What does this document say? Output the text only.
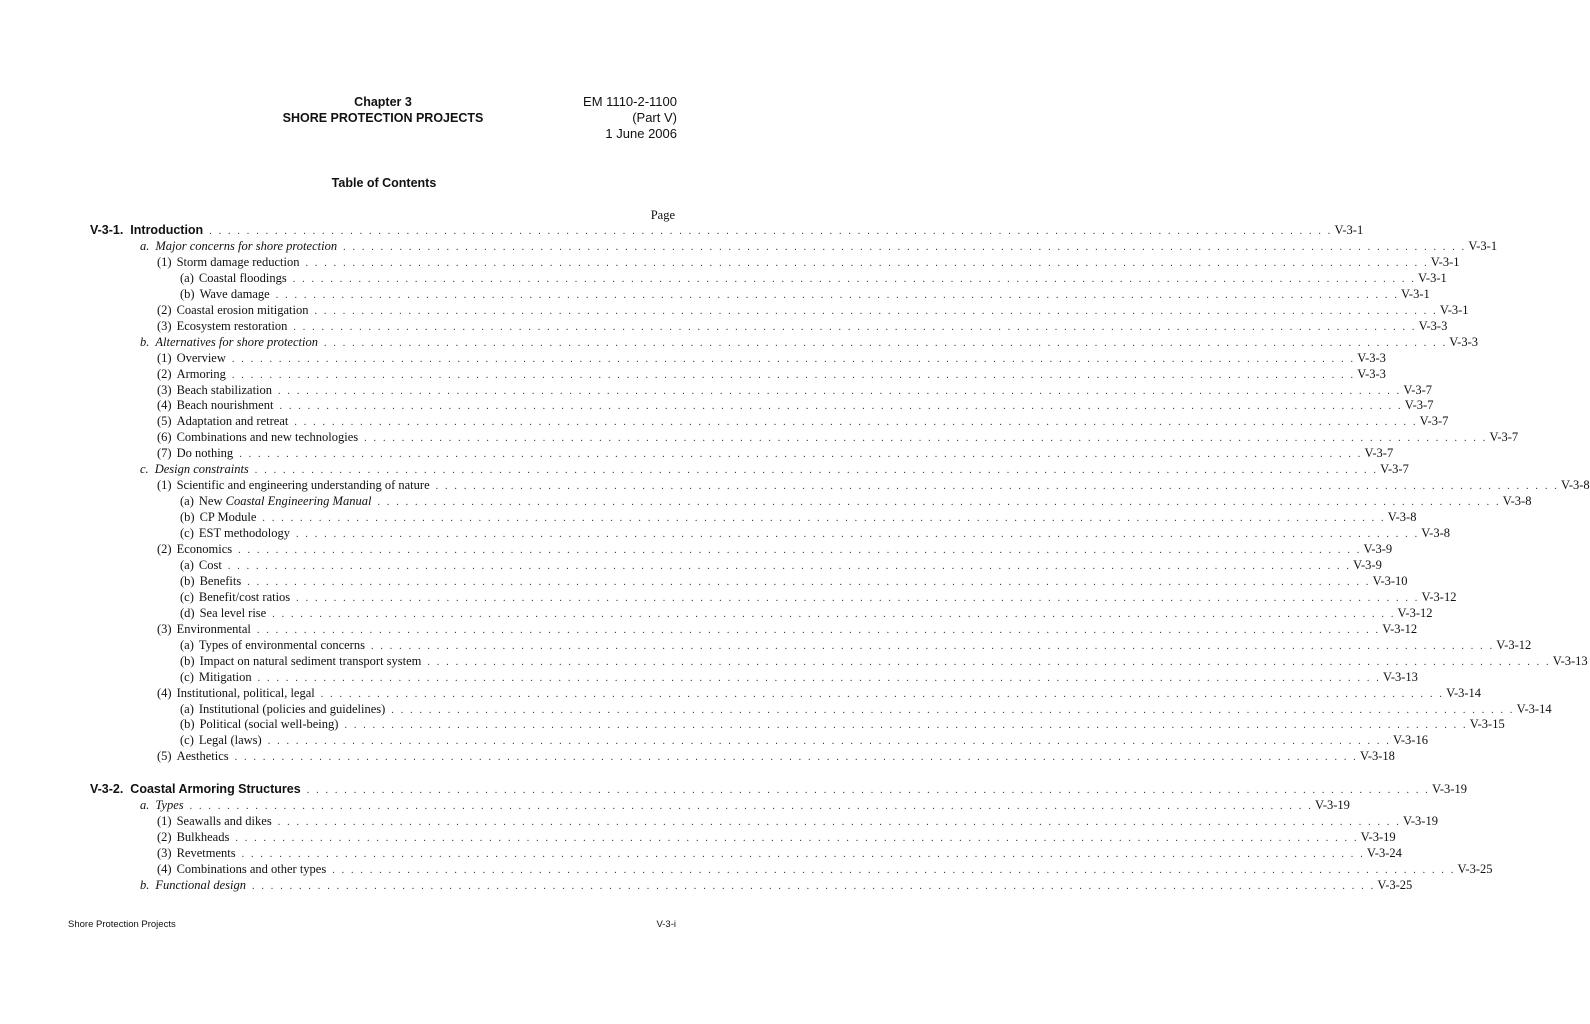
Chapter 3
SHORE PROTECTION PROJECTS
EM 1110-2-1100
(Part V)
1 June 2006
Table of Contents
Page
V-3-1.  Introduction . . . . . . . . . . . . . . . . . . . . . . . . . . . . . . . . . . . . . . . . . . . . . . . . . . . . . . . . . . . . . . . . . . . . . . . . . . . . . . . . . . . . . . . . . . . . . . . . . . . . . . . . . . . . . . . . . . . . . . . . V-3-1
a. Major concerns for shore protection . . . . . . . . . . . . . . . . . . . . . . . . . . . . . . . . . . . . . . . . . . . . . . . . . . . . . . . . . . . . . . . . . . . . . . . . . . . . . . . . . . . . . . . . . . . . . . . . . . . . . . . . . . . . . . . . . . . . . . . . V-3-1
(1) Storm damage reduction . . . . . . . . . . . . . . . . . . . . . . . . . . . . . . . . . . . . . . . . . . . . . . . . . . . . . . . . . . . . . . . . . . . . . . . . . . . . . . . . . . . . . . . . . . . . . . . . . . . . . . . . . . . . . . . . . . . . . . . . V-3-1
(a) Coastal floodings . . . . . . . . . . . . . . . . . . . . . . . . . . . . . . . . . . . . . . . . . . . . . . . . . . . . . . . . . . . . . . . . . . . . . . . . . . . . . . . . . . . . . . . . . . . . . . . . . . . . . . . . . . . . . . . . . . . . . . . . V-3-1
(b) Wave damage . . . . . . . . . . . . . . . . . . . . . . . . . . . . . . . . . . . . . . . . . . . . . . . . . . . . . . . . . . . . . . . . . . . . . . . . . . . . . . . . . . . . . . . . . . . . . . . . . . . . . . . . . . . . . . . . . . . . . . . . V-3-1
(2) Coastal erosion mitigation . . . . . . . . . . . . . . . . . . . . . . . . . . . . . . . . . . . . . . . . . . . . . . . . . . . . . . . . . . . . . . . . . . . . . . . . . . . . . . . . . . . . . . . . . . . . . . . . . . . . . . . . . . . . . . . . . . . . . . . . V-3-1
(3) Ecosystem restoration . . . . . . . . . . . . . . . . . . . . . . . . . . . . . . . . . . . . . . . . . . . . . . . . . . . . . . . . . . . . . . . . . . . . . . . . . . . . . . . . . . . . . . . . . . . . . . . . . . . . . . . . . . . . . . . . . . . . . . . . V-3-3
b. Alternatives for shore protection . . . . . . . . . . . . . . . . . . . . . . . . . . . . . . . . . . . . . . . . . . . . . . . . . . . . . . . . . . . . . . . . . . . . . . . . . . . . . . . . . . . . . . . . . . . . . . . . . . . . . . . . . . . . . . . . . . . . . . . . V-3-3
(1) Overview . . . . . . . . . . . . . . . . . . . . . . . . . . . . . . . . . . . . . . . . . . . . . . . . . . . . . . . . . . . . . . . . . . . . . . . . . . . . . . . . . . . . . . . . . . . . . . . . . . . . . . . . . . . . . . . . . . . . . . . . V-3-3
(2) Armoring . . . . . . . . . . . . . . . . . . . . . . . . . . . . . . . . . . . . . . . . . . . . . . . . . . . . . . . . . . . . . . . . . . . . . . . . . . . . . . . . . . . . . . . . . . . . . . . . . . . . . . . . . . . . . . . . . . . . . . . . V-3-3
(3) Beach stabilization . . . . . . . . . . . . . . . . . . . . . . . . . . . . . . . . . . . . . . . . . . . . . . . . . . . . . . . . . . . . . . . . . . . . . . . . . . . . . . . . . . . . . . . . . . . . . . . . . . . . . . . . . . . . . . . . . . . . . . . . V-3-7
(4) Beach nourishment . . . . . . . . . . . . . . . . . . . . . . . . . . . . . . . . . . . . . . . . . . . . . . . . . . . . . . . . . . . . . . . . . . . . . . . . . . . . . . . . . . . . . . . . . . . . . . . . . . . . . . . . . . . . . . . . . . . . . . . . V-3-7
(5) Adaptation and retreat . . . . . . . . . . . . . . . . . . . . . . . . . . . . . . . . . . . . . . . . . . . . . . . . . . . . . . . . . . . . . . . . . . . . . . . . . . . . . . . . . . . . . . . . . . . . . . . . . . . . . . . . . . . . . . . . . . . . . . . . V-3-7
(6) Combinations and new technologies . . . . . . . . . . . . . . . . . . . . . . . . . . . . . . . . . . . . . . . . . . . . . . . . . . . . . . . . . . . . . . . . . . . . . . . . . . . . . . . . . . . . . . . . . . . . . . . . . . . . . . . . . . . . . . . . . . . . . . . . V-3-7
(7) Do nothing . . . . . . . . . . . . . . . . . . . . . . . . . . . . . . . . . . . . . . . . . . . . . . . . . . . . . . . . . . . . . . . . . . . . . . . . . . . . . . . . . . . . . . . . . . . . . . . . . . . . . . . . . . . . . . . . . . . . . . . . V-3-7
c. Design constraints . . . . . . . . . . . . . . . . . . . . . . . . . . . . . . . . . . . . . . . . . . . . . . . . . . . . . . . . . . . . . . . . . . . . . . . . . . . . . . . . . . . . . . . . . . . . . . . . . . . . . . . . . . . . . . . . . . . . . . . . V-3-7
(1) Scientific and engineering understanding of nature . . . . . . . . . . . . . . . . . . . . . . . . . . . . . . . . . . . . . . . . . . . . . . . . . . . . . . . . . . . . . . . . . . . . . . . . . . . . . . . . . . . . . . . . . . . . . . . . . . . . . . . . . . . . . . . . . . . . . . . . V-3-8
(a) New Coastal Engineering Manual . . . . . . . . . . . . . . . . . . . . . . . . . . . . . . . . . . . . . . . . . . . . . . . . . . . . . . . . . . . . . . . . . . . . . . . . . . . . . . . . . . . . . . . . . . . . . . . . . . . . . . . . . . . . . . . . . . . . . . . . V-3-8
(b) CP Module . . . . . . . . . . . . . . . . . . . . . . . . . . . . . . . . . . . . . . . . . . . . . . . . . . . . . . . . . . . . . . . . . . . . . . . . . . . . . . . . . . . . . . . . . . . . . . . . . . . . . . . . . . . . . . . . . . . . . . . . V-3-8
(c) EST methodology . . . . . . . . . . . . . . . . . . . . . . . . . . . . . . . . . . . . . . . . . . . . . . . . . . . . . . . . . . . . . . . . . . . . . . . . . . . . . . . . . . . . . . . . . . . . . . . . . . . . . . . . . . . . . . . . . . . . . . . . V-3-8
(2) Economics . . . . . . . . . . . . . . . . . . . . . . . . . . . . . . . . . . . . . . . . . . . . . . . . . . . . . . . . . . . . . . . . . . . . . . . . . . . . . . . . . . . . . . . . . . . . . . . . . . . . . . . . . . . . . . . . . . . . . . . . V-3-9
(a) Cost . . . . . . . . . . . . . . . . . . . . . . . . . . . . . . . . . . . . . . . . . . . . . . . . . . . . . . . . . . . . . . . . . . . . . . . . . . . . . . . . . . . . . . . . . . . . . . . . . . . . . . . . . . . . . . . . . . . . . . . . V-3-9
(b) Benefits . . . . . . . . . . . . . . . . . . . . . . . . . . . . . . . . . . . . . . . . . . . . . . . . . . . . . . . . . . . . . . . . . . . . . . . . . . . . . . . . . . . . . . . . . . . . . . . . . . . . . . . . . . . . . . . . . . . . . . . . V-3-10
(c) Benefit/cost ratios . . . . . . . . . . . . . . . . . . . . . . . . . . . . . . . . . . . . . . . . . . . . . . . . . . . . . . . . . . . . . . . . . . . . . . . . . . . . . . . . . . . . . . . . . . . . . . . . . . . . . . . . . . . . . . . . . . . . . . . . V-3-12
(d) Sea level rise . . . . . . . . . . . . . . . . . . . . . . . . . . . . . . . . . . . . . . . . . . . . . . . . . . . . . . . . . . . . . . . . . . . . . . . . . . . . . . . . . . . . . . . . . . . . . . . . . . . . . . . . . . . . . . . . . . . . . . . . V-3-12
(3) Environmental . . . . . . . . . . . . . . . . . . . . . . . . . . . . . . . . . . . . . . . . . . . . . . . . . . . . . . . . . . . . . . . . . . . . . . . . . . . . . . . . . . . . . . . . . . . . . . . . . . . . . . . . . . . . . . . . . . . . . . . . V-3-12
(a) Types of environmental concerns . . . . . . . . . . . . . . . . . . . . . . . . . . . . . . . . . . . . . . . . . . . . . . . . . . . . . . . . . . . . . . . . . . . . . . . . . . . . . . . . . . . . . . . . . . . . . . . . . . . . . . . . . . . . . . . . . . . . . . . . V-3-12
(b) Impact on natural sediment transport system . . . . . . . . . . . . . . . . . . . . . . . . . . . . . . . . . . . . . . . . . . . . . . . . . . . . . . . . . . . . . . . . . . . . . . . . . . . . . . . . . . . . . . . . . . . . . . . . . . . . . . . . . . . . . . . . . . . . . . . . V-3-13
(c) Mitigation . . . . . . . . . . . . . . . . . . . . . . . . . . . . . . . . . . . . . . . . . . . . . . . . . . . . . . . . . . . . . . . . . . . . . . . . . . . . . . . . . . . . . . . . . . . . . . . . . . . . . . . . . . . . . . . . . . . . . . . . V-3-13
(4) Institutional, political, legal . . . . . . . . . . . . . . . . . . . . . . . . . . . . . . . . . . . . . . . . . . . . . . . . . . . . . . . . . . . . . . . . . . . . . . . . . . . . . . . . . . . . . . . . . . . . . . . . . . . . . . . . . . . . . . . . . . . . . . . . V-3-14
(a) Institutional (policies and guidelines) . . . . . . . . . . . . . . . . . . . . . . . . . . . . . . . . . . . . . . . . . . . . . . . . . . . . . . . . . . . . . . . . . . . . . . . . . . . . . . . . . . . . . . . . . . . . . . . . . . . . . . . . . . . . . . . . . . . . . . . . V-3-14
(b) Political (social well-being) . . . . . . . . . . . . . . . . . . . . . . . . . . . . . . . . . . . . . . . . . . . . . . . . . . . . . . . . . . . . . . . . . . . . . . . . . . . . . . . . . . . . . . . . . . . . . . . . . . . . . . . . . . . . . . . . . . . . . . . . V-3-15
(c) Legal (laws) . . . . . . . . . . . . . . . . . . . . . . . . . . . . . . . . . . . . . . . . . . . . . . . . . . . . . . . . . . . . . . . . . . . . . . . . . . . . . . . . . . . . . . . . . . . . . . . . . . . . . . . . . . . . . . . . . . . . . . . . V-3-16
(5) Aesthetics . . . . . . . . . . . . . . . . . . . . . . . . . . . . . . . . . . . . . . . . . . . . . . . . . . . . . . . . . . . . . . . . . . . . . . . . . . . . . . . . . . . . . . . . . . . . . . . . . . . . . . . . . . . . . . . . . . . . . . . . V-3-18
V-3-2.  Coastal Armoring Structures . . . . . . . . . . . . . . . . . . . . . . . . . . . . . . . . . . . . . . . . . . . . . . . . . . . . . . . . . . . . . . . . . . . . . . . . . . . . . . . . . . . . . . . . . . . . . . . . . . . . . . . . . . . . . . . . . . . . . . . . V-3-19
a. Types . . . . . . . . . . . . . . . . . . . . . . . . . . . . . . . . . . . . . . . . . . . . . . . . . . . . . . . . . . . . . . . . . . . . . . . . . . . . . . . . . . . . . . . . . . . . . . . . . . . . . . . . . . . . . . . . . . . . . . . . V-3-19
(1) Seawalls and dikes . . . . . . . . . . . . . . . . . . . . . . . . . . . . . . . . . . . . . . . . . . . . . . . . . . . . . . . . . . . . . . . . . . . . . . . . . . . . . . . . . . . . . . . . . . . . . . . . . . . . . . . . . . . . . . . . . . . . . . . . V-3-19
(2) Bulkheads . . . . . . . . . . . . . . . . . . . . . . . . . . . . . . . . . . . . . . . . . . . . . . . . . . . . . . . . . . . . . . . . . . . . . . . . . . . . . . . . . . . . . . . . . . . . . . . . . . . . . . . . . . . . . . . . . . . . . . . . V-3-19
(3) Revetments . . . . . . . . . . . . . . . . . . . . . . . . . . . . . . . . . . . . . . . . . . . . . . . . . . . . . . . . . . . . . . . . . . . . . . . . . . . . . . . . . . . . . . . . . . . . . . . . . . . . . . . . . . . . . . . . . . . . . . . . V-3-24
(4) Combinations and other types . . . . . . . . . . . . . . . . . . . . . . . . . . . . . . . . . . . . . . . . . . . . . . . . . . . . . . . . . . . . . . . . . . . . . . . . . . . . . . . . . . . . . . . . . . . . . . . . . . . . . . . . . . . . . . . . . . . . . . . . V-3-25
b. Functional design . . . . . . . . . . . . . . . . . . . . . . . . . . . . . . . . . . . . . . . . . . . . . . . . . . . . . . . . . . . . . . . . . . . . . . . . . . . . . . . . . . . . . . . . . . . . . . . . . . . . . . . . . . . . . . . . . . . . . . . . V-3-25
Shore Protection Projects	V-3-i
